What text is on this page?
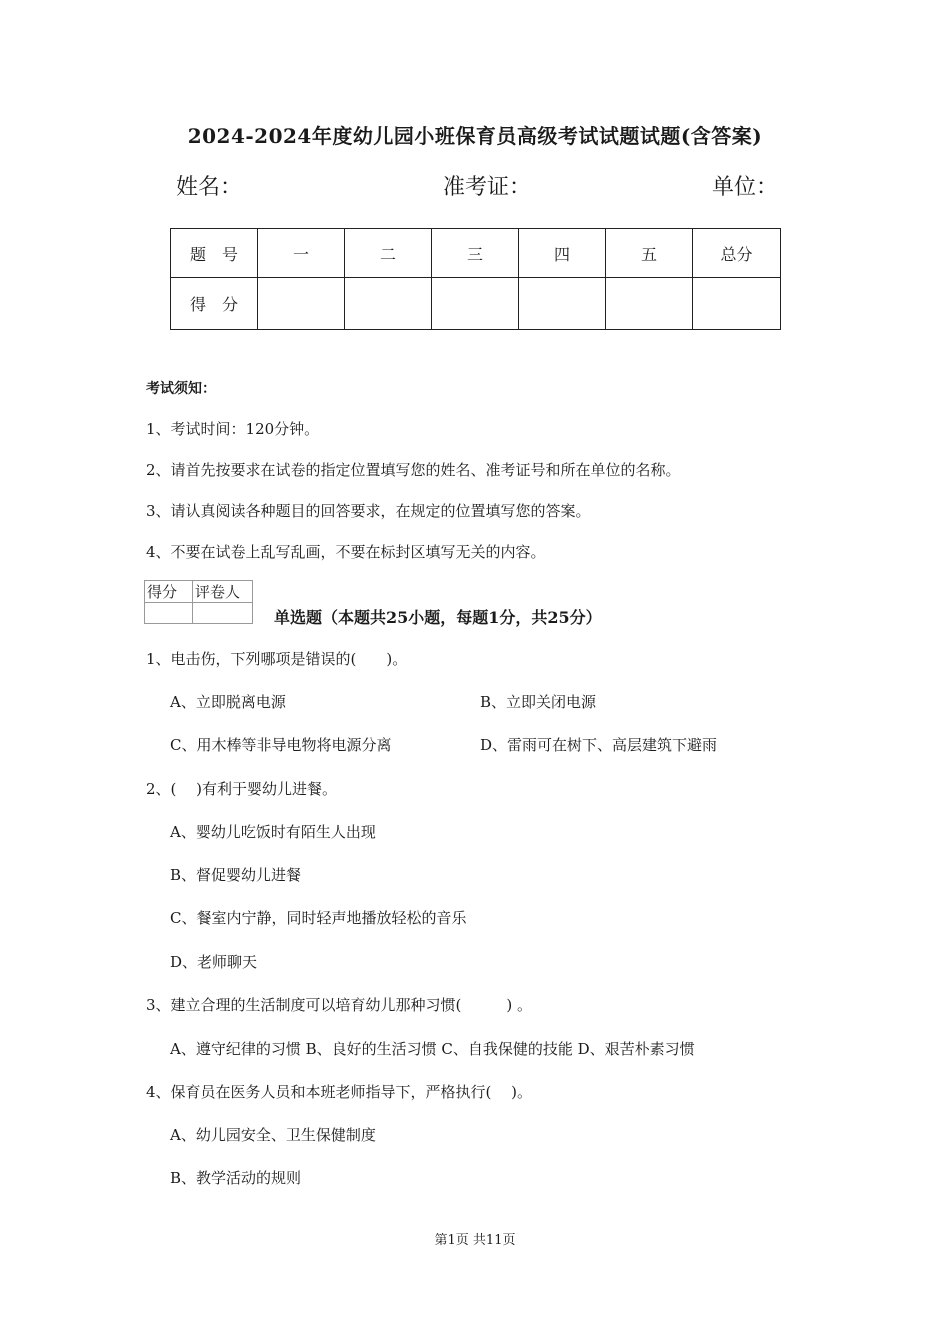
2024-2024年度幼儿园小班保育员高级考试试题试题(含答案)
姓名：	准考证：	单位：
题　号	一	二	三	四	五	总分
得　分						
考试须知：
1、考试时间：120分钟。
2、请首先按要求在试卷的指定位置填写您的姓名、准考证号和所在单位的名称。
3、请认真阅读各种题目的回答要求，在规定的位置填写您的答案。
4、不要在试卷上乱写乱画，不要在标封区填写无关的内容。
得分	评卷人

单选题（本题共25小题，每题1分，共25分）
1、电击伤，下列哪项是错误的(　　)。
A、立即脱离电源	B、立即关闭电源
C、用木棒等非导电物将电源分离	D、雷雨可在树下、高层建筑下避雨
2、(　 )有利于婴幼儿进餐。
A、婴幼儿吃饭时有陌生人出现
B、督促婴幼儿进餐
C、餐室内宁静，同时轻声地播放轻松的音乐
D、老师聊天
3、建立合理的生活制度可以培育幼儿那种习惯(　　　) 。
A、遵守纪律的习惯 B、良好的生活习惯 C、自我保健的技能 D、艰苦朴素习惯
4、保育员在医务人员和本班老师指导下，严格执行(　 )。
A、幼儿园安全、卫生保健制度
B、教学活动的规则
第1页 共11页
